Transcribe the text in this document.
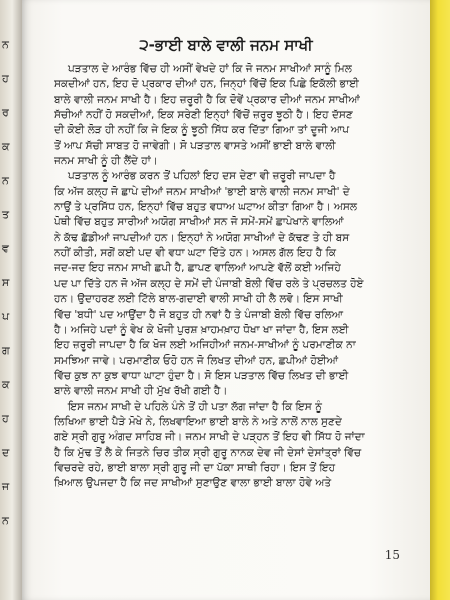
ਨ
ਹ
ਰ
ਕ
ਨ
ਤ
ਵ
ਸ
ਪ
ਗ
ਕ
ਹ
ਦ
ਜ
ਨ
੨-ਭਾਈ ਬਾਲੇ ਵਾਲੀ ਜਨਮ ਸਾਖੀ
ਪੜਤਾਲ ਦੇ ਆਰੰਭ ਵਿੱਚ ਹੀ ਅਸੀਂ ਵੇਖਦੇ ਹਾਂ ਕਿ ਜੋ ਜਨਮ ਸਾਖੀਆਂ ਸਾਨੂੰ ਮਿਲ
ਸਕਦੀਆਂ ਹਨ, ਇਹ ਦੋ ਪ੍ਰਕਾਰ ਦੀਆਂ ਹਨ, ਜਿਨ੍ਹਾਂ ਵਿੱਚੋਂ ਇਕ ਪਿਛੇ ਇਕੱਲੀ ਭਾਈ
ਬਾਲੇ ਵਾਲੀ ਜਨਮ ਸਾਖੀ ਹੈ। ਇਹ ਜ਼ਰੂਰੀ ਹੈ ਕਿ ਦੋਵੇਂ ਪ੍ਰਕਾਰ ਦੀਆਂ ਜਨਮ ਸਾਖੀਆਂ
ਸੱਚੀਆਂ ਨਹੀਂ ਹੋ ਸਕਦੀਆਂ, ਇਕ ਸਰੇਣੀ ਇਨ੍ਹਾਂ ਵਿੱਚੋਂ ਜ਼ਰੂਰ ਝੂਠੀ ਹੈ। ਇਹ ਦੱਸਣ
ਦੀ ਕੋਈ ਲੋੜ ਹੀ ਨਹੀਂ ਕਿ ਜੇ ਇਕ ਨੂੰ ਝੂਠੀ ਸਿੱਧ ਕਰ ਦਿੱਤਾ ਗਿਆ ਤਾਂ ਦੂਜੀ ਆਪ
ਤੋਂ ਆਪ ਸੱਚੀ ਸਾਬਤ ਹੋ ਜਾਵੇਗੀ। ਸੋ ਪੜਤਾਲ ਵਾਸਤੇ ਅਸੀਂ ਭਾਈ ਬਾਲੇ ਵਾਲੀ
ਜਨਮ ਸਾਖੀ ਨੂੰ ਹੀ ਲੈਂਦੇ ਹਾਂ।
ਪੜਤਾਲ ਨੂੰ ਆਰੰਭ ਕਰਨ ਤੋਂ ਪਹਿਲਾਂ ਇਹ ਦਸ ਦੇਣਾ ਵੀ ਜ਼ਰੂਰੀ ਜਾਪਦਾ ਹੈ
ਕਿ ਅੱਜ ਕਲ੍ਹ ਜੋ ਛਾਪੇ ਦੀਆਂ ਜਨਮ ਸਾਖੀਆਂ 'ਭਾਈ ਬਾਲੇ ਵਾਲੀ ਜਨਮ ਸਾਖੀ' ਦੇ
ਨਾਉਂ ਤੇ ਪ੍ਰਸਿੱਧ ਹਨ, ਇਨ੍ਹਾਂ ਵਿੱਚ ਬਹੁਤ ਵਧਾਅ ਘਟਾਅ ਕੀਤਾ ਗਿਆ ਹੈ। ਅਸਲ
ਪੋਥੀ ਵਿੱਚ ਬਹੁਤ ਸਾਰੀਆਂ ਅਯੋਗ ਸਾਖੀਆਂ ਸਨ ਜੋ ਸਮੇਂ-ਸਮੇਂ ਛਾਪੇਖਾਨੇ ਵਾਲਿਆਂ
ਨੇ ਕੱਢ ਛੱਡੀਆਂ ਜਾਪਦੀਆਂ ਹਨ। ਇਨ੍ਹਾਂ ਨੇ ਅਯੋਗ ਸਾਖੀਆਂ ਦੇ ਕੱਢਣ ਤੇ ਹੀ ਬਸ
ਨਹੀਂ ਕੀਤੀ, ਸਗੋਂ ਕਈ ਪਦ ਵੀ ਵਧਾ ਘਟਾ ਦਿੱਤੇ ਹਨ। ਅਸਲ ਗੱਲ ਇਹ ਹੈ ਕਿ
ਜਦ-ਜਦ ਇਹ ਜਨਮ ਸਾਖੀ ਛਪੀ ਹੈ, ਛਾਪਣ ਵਾਲਿਆਂ ਆਪਣੇ ਵੱਲੋਂ ਕਈ ਅਜਿਹੇ
ਪਦ ਪਾ ਦਿੱਤੇ ਹਨ ਜੋ ਅੱਜ ਕਲ੍ਹ ਦੇ ਸਮੇਂ ਦੀ ਪੰਜਾਬੀ ਬੋਲੀ ਵਿੱਚ ਰਲੇ ਤੇ ਪ੍ਰਚਲਤ ਹੋਏ
ਹਨ। ਉਦਾਹਰਣ ਲਈ ਟਿੱਲੇ ਬਾਲ-ਗਦਾਈ ਵਾਲੀ ਸਾਖੀ ਹੀ ਲੈ ਲਵੋ। ਇਸ ਸਾਖੀ
ਵਿੱਚ 'ਬਧੀ' ਪਦ ਆਉਂਦਾ ਹੈ ਜੋ ਬਹੁਤ ਹੀ ਨਵਾਂ ਹੈ ਤੇ ਪੰਜਾਬੀ ਬੋਲੀ ਵਿੱਚ ਰਲਿਆ
ਹੈ। ਅਜਿਹੇ ਪਦਾਂ ਨੂੰ ਵੇਖ ਕੇ ਖੋਜੀ ਪੁਰਸ਼ ਖ਼ਾਹਮਖ਼ਾਹ ਧੋਖਾ ਖਾ ਜਾਂਦਾ ਹੈ, ਇਸ ਲਈ
ਇਹ ਜ਼ਰੂਰੀ ਜਾਪਦਾ ਹੈ ਕਿ ਖੋਜ ਲਈ ਅਜਿਹੀਆਂ ਜਨਮ-ਸਾਖੀਆਂ ਨੂੰ ਪਰਮਾਣੀਕ ਨਾ
ਸਮਝਿਆ ਜਾਵੇ। ਪਰਮਾਣੀਕ ਓਹੋ ਹਨ ਜੋ ਲਿਖਤ ਦੀਆਂ ਹਨ, ਛਪੀਆਂ ਹੋਈਆਂ
ਵਿੱਚ ਕੁਝ ਨਾ ਕੁਝ ਵਾਧਾ ਘਾਟਾ ਹੁੰਦਾ ਹੈ। ਸੋ ਇਸ ਪੜਤਾਲ ਵਿੱਚ ਲਿਖਤ ਦੀ ਭਾਈ
ਬਾਲੇ ਵਾਲੀ ਜਨਮ ਸਾਖੀ ਹੀ ਮੁੱਖ ਰੱਖੀ ਗਈ ਹੈ।
ਇਸ ਜਨਮ ਸਾਖੀ ਦੇ ਪਹਿਲੇ ਪੰਨੇ ਤੋਂ ਹੀ ਪਤਾ ਲੱਗ ਜਾਂਦਾ ਹੈ ਕਿ ਇਸ ਨੂੰ
ਲਿਖਿਆ ਭਾਈ ਪੈੜੇ ਮੋਖੇ ਨੇ, ਲਿਖਵਾਇਆ ਭਾਈ ਬਾਲੇ ਨੇ ਅਤੇ ਨਾਲੋਂ ਨਾਲ ਸੁਣਦੇ
ਗਏ ਸ੍ਰੀ ਗੁਰੂ ਅੰਗਦ ਸਾਹਿਬ ਜੀ। ਜਨਮ ਸਾਖੀ ਦੇ ਪੜ੍ਹਨ ਤੋਂ ਇਹ ਵੀ ਸਿੱਧ ਹੋ ਜਾਂਦਾ
ਹੈ ਕਿ ਮੁੱਢ ਤੋਂ ਲੈ ਕੇ ਜਿਤਨੇ ਚਿਰ ਤੀਕ ਸ੍ਰੀ ਗੁਰੂ ਨਾਨਕ ਦੇਵ ਜੀ ਦੇਸਾਂ ਦੇਸਾਂਤ੍ਰਾਂ ਵਿੱਚ
ਵਿਚਰਦੇ ਰਹੇ, ਭਾਈ ਬਾਲਾ ਸ੍ਰੀ ਗੁਰੂ ਜੀ ਦਾ ਪੱਕਾ ਸਾਥੀ ਰਿਹਾ। ਇਸ ਤੋਂ ਇਹ
ਖ਼ਿਆਲ ਉਪਜਦਾ ਹੈ ਕਿ ਜਦ ਸਾਖੀਆਂ ਸੁਣਾਉਣ ਵਾਲਾ ਭਾਈ ਬਾਲਾ ਹੋਵੇ ਅਤੇ
15
